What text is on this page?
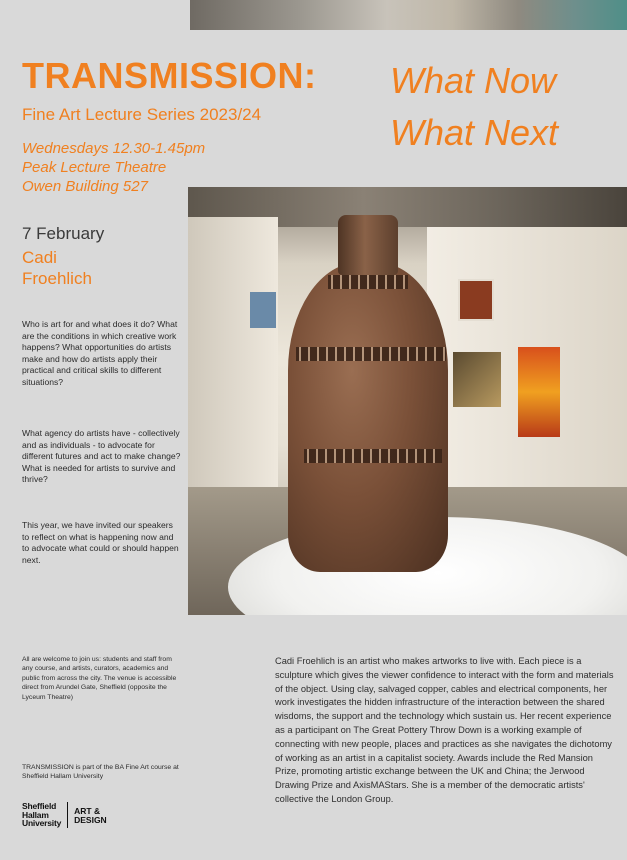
TRANSMISSION: What Now
What Next
Fine Art Lecture Series 2023/24
Wednesdays 12.30-1.45pm
Peak Lecture Theatre
Owen Building 527
7 February
Cadi
Froehlich
Who is art for and what does it do? What are the conditions in which creative work happens? What opportunities do artists make and how do artists apply their practical and critical skills to different situations?
What agency do artists have - collectively and as individuals - to advocate for different futures and act to make change? What is needed for artists to survive and thrive?
This year, we have invited our speakers to reflect on what is happening now and to advocate what could or should happen next.
All are welcome to join us: students and staff from any course, and artists, curators, academics and public from across the city. The venue is accessible direct from Arundel Gate, Sheffield (opposite the Lyceum Theatre)
TRANSMISSION is part of the BA Fine Art course at Sheffield Hallam University
Sheffield
Hallam
University
ART &
DESIGN
Cadi Froehlich is an artist who makes artworks to live with. Each piece is a sculpture which gives the viewer confidence to interact with the form and materials of the object. Using clay, salvaged copper, cables and electrical components, her work investigates the hidden infrastructure of the interaction between the shared wisdoms, the support and the technology which sustain us. Her recent experience as a participant on The Great Pottery Throw Down is a working example of connecting with new people, places and practices as she navigates the dichotomy of working as an artist in a capitalist society. Awards include the Red Mansion Prize, promoting artistic exchange between the UK and China; the Jerwood Drawing Prize and AxisMAStars. She is a member of the democratic artists' collective the London Group.
